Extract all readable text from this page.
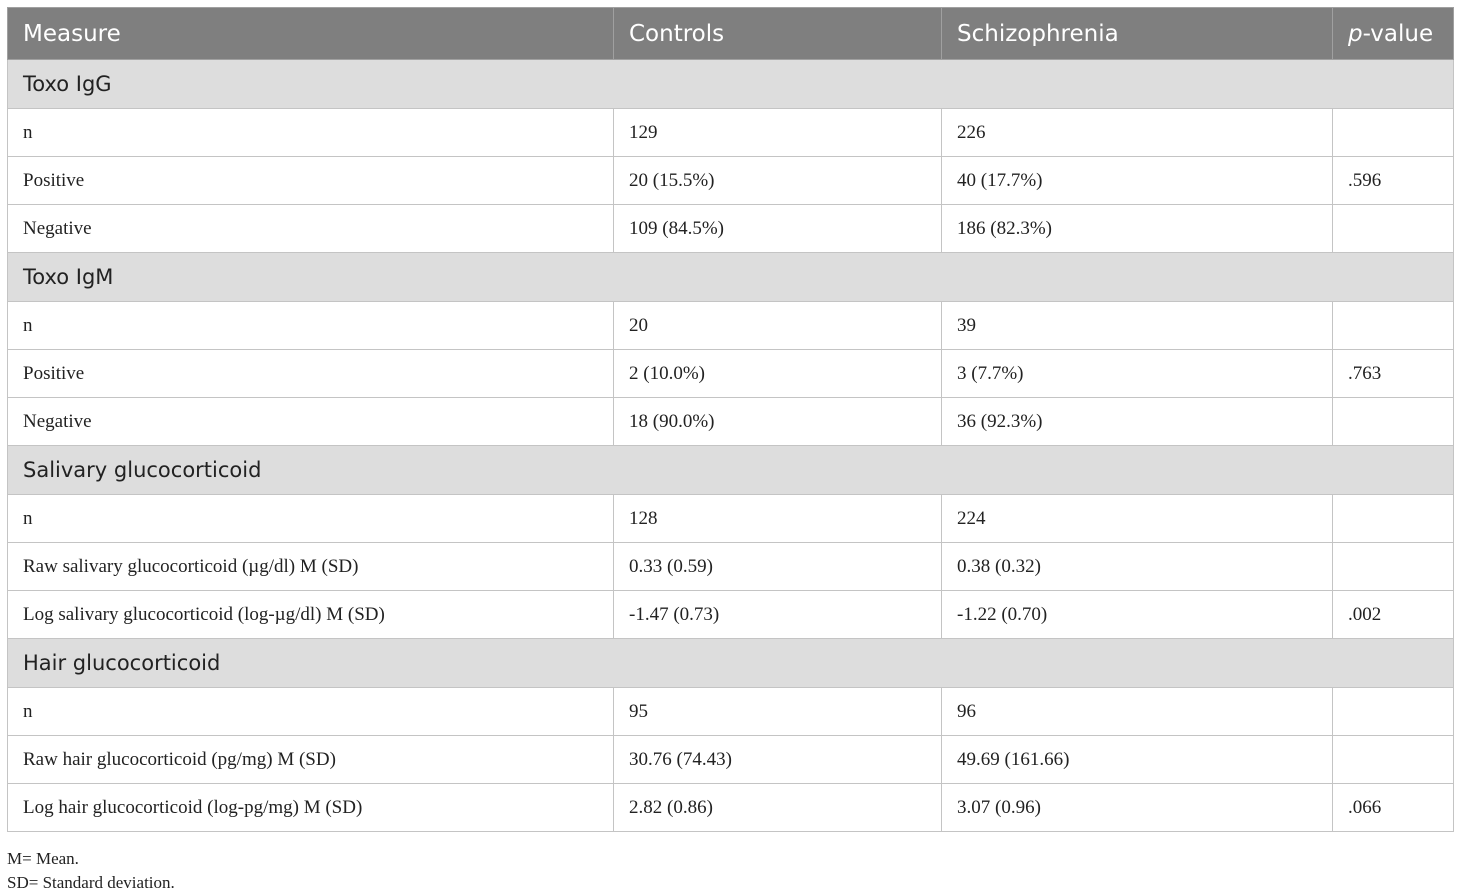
Measure	Controls	Schizophrenia	p-value
Toxo IgG			
n	129	226	
Positive	20 (15.5%)	40 (17.7%)	.596
Negative	109 (84.5%)	186 (82.3%)	
Toxo IgM			
n	20	39	
Positive	2 (10.0%)	3 (7.7%)	.763
Negative	18 (90.0%)	36 (92.3%)	
Salivary glucocorticoid			
n	128	224	
Raw salivary glucocorticoid (µg/dl) M (SD)	0.33 (0.59)	0.38 (0.32)	
Log salivary glucocorticoid (log-µg/dl) M (SD)	-1.47 (0.73)	-1.22 (0.70)	.002
Hair glucocorticoid			
n	95	96	
Raw hair glucocorticoid (pg/mg) M (SD)	30.76 (74.43)	49.69 (161.66)	
Log hair glucocorticoid (log-pg/mg) M (SD)	2.82 (0.86)	3.07 (0.96)	.066
M= Mean.
SD= Standard deviation.
